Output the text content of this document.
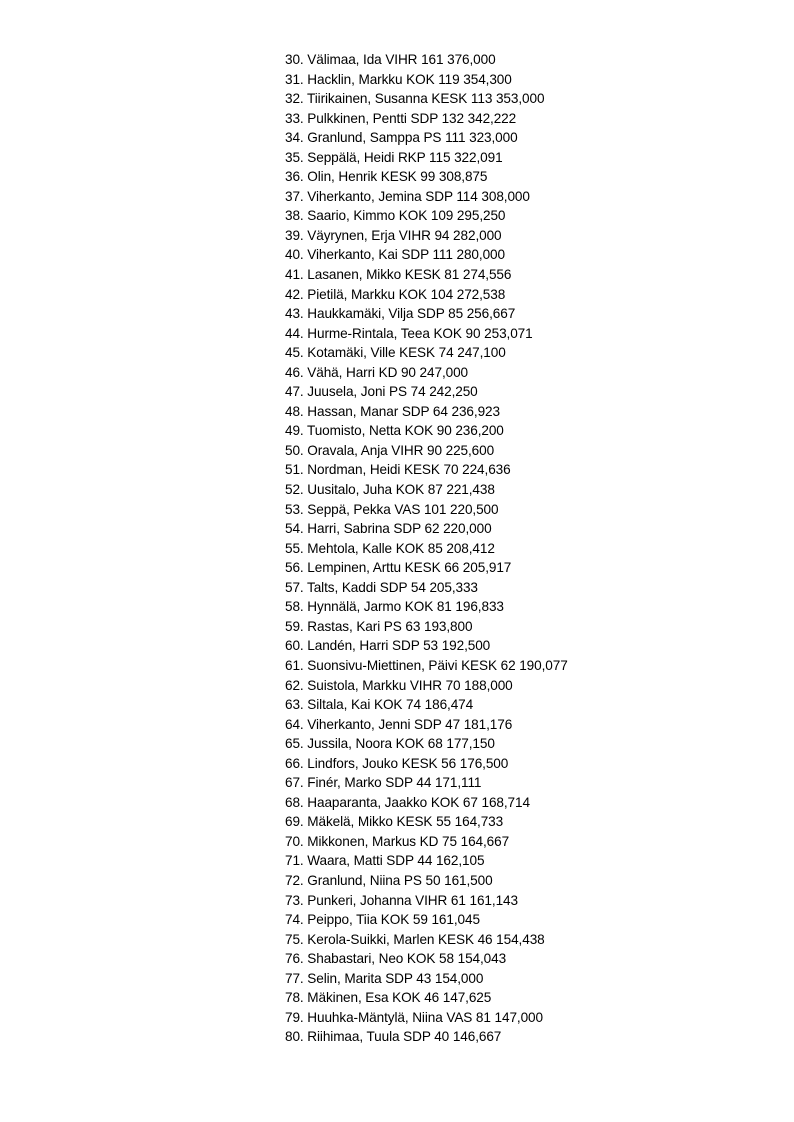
30. Välimaa, Ida VIHR 161 376,000
31. Hacklin, Markku KOK 119 354,300
32. Tiirikainen, Susanna KESK 113 353,000
33. Pulkkinen, Pentti SDP 132 342,222
34. Granlund, Samppa PS 111 323,000
35. Seppälä, Heidi RKP 115 322,091
36. Olin, Henrik KESK 99 308,875
37. Viherkanto, Jemina SDP 114 308,000
38. Saario, Kimmo KOK 109 295,250
39. Väyrynen, Erja VIHR 94 282,000
40. Viherkanto, Kai SDP 111 280,000
41. Lasanen, Mikko KESK 81 274,556
42. Pietilä, Markku KOK 104 272,538
43. Haukkamäki, Vilja SDP 85 256,667
44. Hurme-Rintala, Teea KOK 90 253,071
45. Kotamäki, Ville KESK 74 247,100
46. Vähä, Harri KD 90 247,000
47. Juusela, Joni PS 74 242,250
48. Hassan, Manar SDP 64 236,923
49. Tuomisto, Netta KOK 90 236,200
50. Oravala, Anja VIHR 90 225,600
51. Nordman, Heidi KESK 70 224,636
52. Uusitalo, Juha KOK 87 221,438
53. Seppä, Pekka VAS 101 220,500
54. Harri, Sabrina SDP 62 220,000
55. Mehtola, Kalle KOK 85 208,412
56. Lempinen, Arttu KESK 66 205,917
57. Talts, Kaddi SDP 54 205,333
58. Hynnälä, Jarmo KOK 81 196,833
59. Rastas, Kari PS 63 193,800
60. Landén, Harri SDP 53 192,500
61. Suonsivu-Miettinen, Päivi KESK 62 190,077
62. Suistola, Markku VIHR 70 188,000
63. Siltala, Kai KOK 74 186,474
64. Viherkanto, Jenni SDP 47 181,176
65. Jussila, Noora KOK 68 177,150
66. Lindfors, Jouko KESK 56 176,500
67. Finér, Marko SDP 44 171,111
68. Haaparanta, Jaakko KOK 67 168,714
69. Mäkelä, Mikko KESK 55 164,733
70. Mikkonen, Markus KD 75 164,667
71. Waara, Matti SDP 44 162,105
72. Granlund, Niina PS 50 161,500
73. Punkeri, Johanna VIHR 61 161,143
74. Peippo, Tiia KOK 59 161,045
75. Kerola-Suikki, Marlen KESK 46 154,438
76. Shabastari, Neo KOK 58 154,043
77. Selin, Marita SDP 43 154,000
78. Mäkinen, Esa KOK 46 147,625
79. Huuhka-Mäntylä, Niina VAS 81 147,000
80. Riihimaa, Tuula SDP 40 146,667
